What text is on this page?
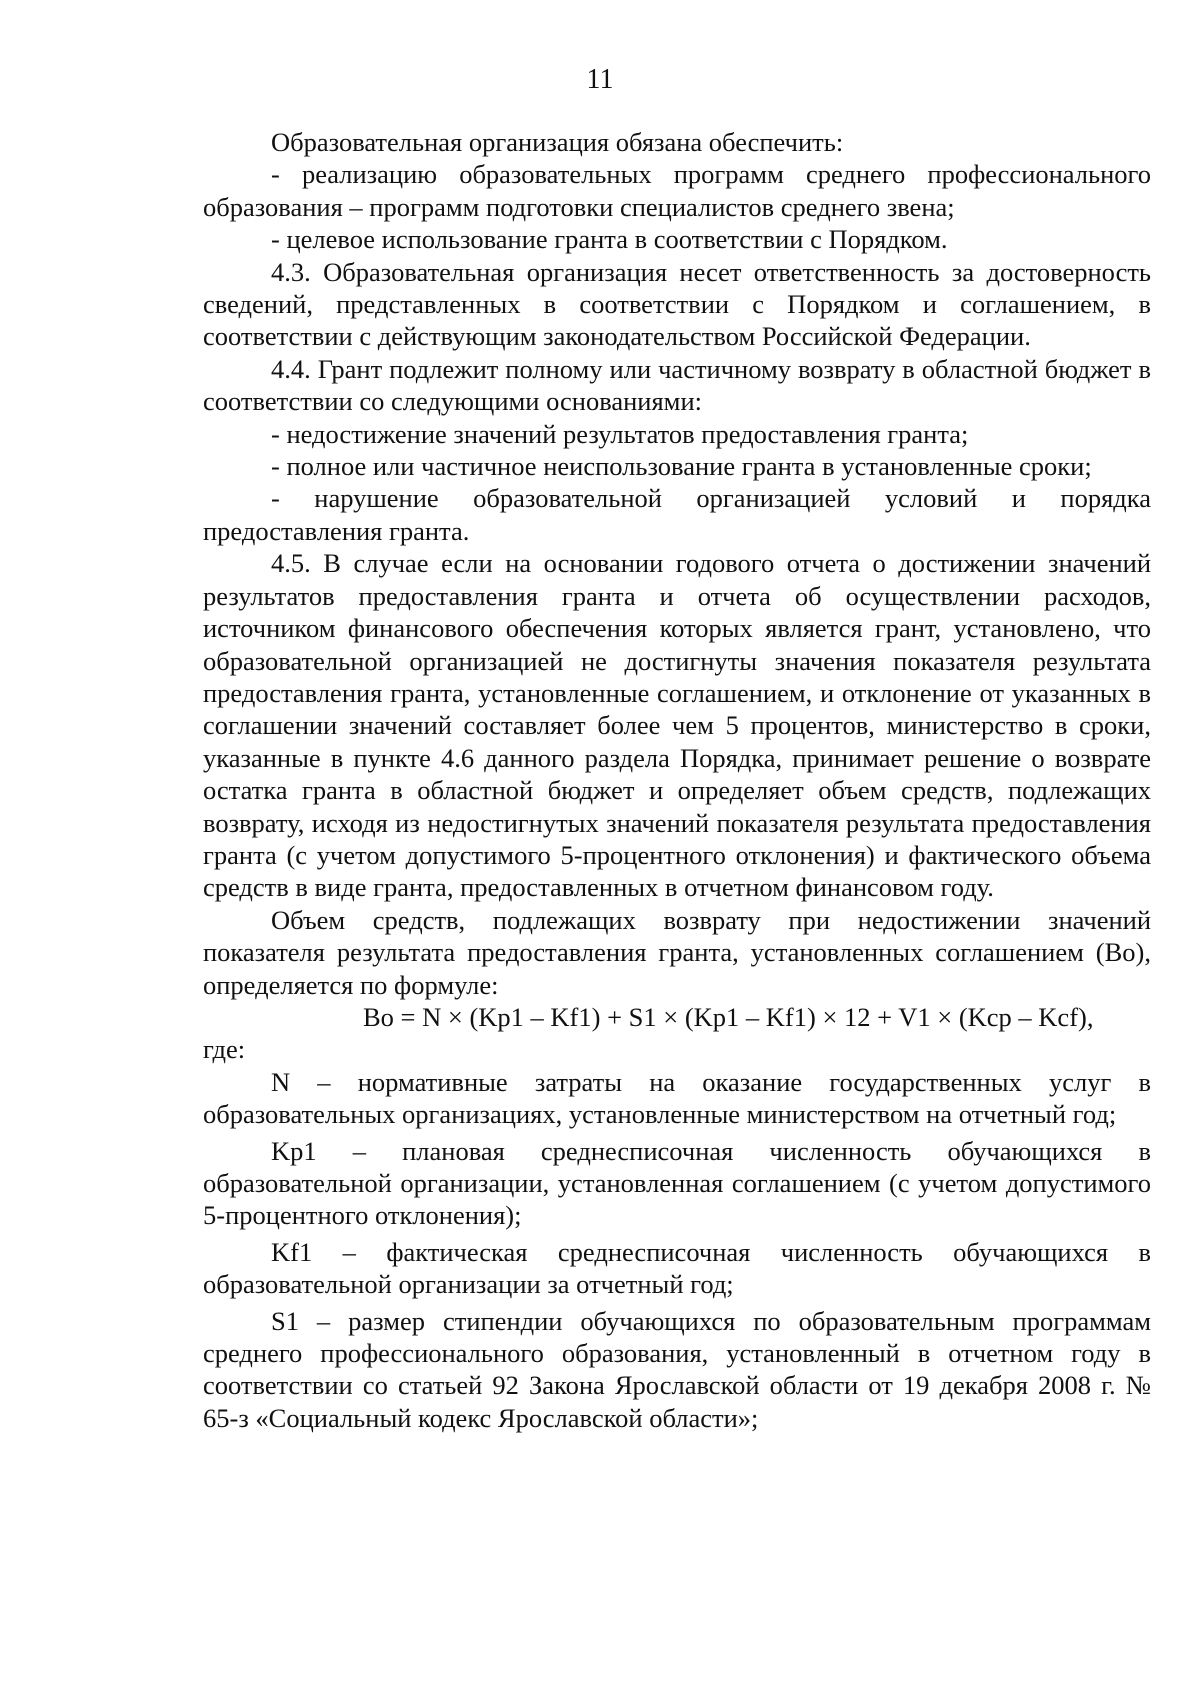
11

Образовательная организация обязана обеспечить:

- реализацию образовательных программ среднего профессионального образования – программ подготовки специалистов среднего звена;

- целевое использование гранта в соответствии с Порядком.

4.3. Образовательная организация несет ответственность за достоверность сведений, представленных в соответствии с Порядком и соглашением, в соответствии с действующим законодательством Российской Федерации.

4.4. Грант подлежит полному или частичному возврату в областной бюджет в соответствии со следующими основаниями:

- недостижение значений результатов предоставления гранта;

- полное или частичное неиспользование гранта в установленные сроки;

- нарушение образовательной организацией условий и порядка предоставления гранта.

4.5. В случае если на основании годового отчета о достижении значений результатов предоставления гранта и отчета об осуществлении расходов, источником финансового обеспечения которых является грант, установлено, что образовательной организацией не достигнуты значения показателя результата предоставления гранта, установленные соглашением, и отклонение от указанных в соглашении значений составляет более чем 5 процентов, министерство в сроки, указанные в пункте 4.6 данного раздела Порядка, принимает решение о возврате остатка гранта в областной бюджет и определяет объем средств, подлежащих возврату, исходя из недостигнутых значений показателя результата предоставления гранта (с учетом допустимого 5-процентного отклонения) и фактического объема средств в виде гранта, предоставленных в отчетном финансовом году.

Объем средств, подлежащих возврату при недостижении значений показателя результата предоставления гранта, установленных соглашением (Вo), определяется по формуле:

Вo = N × (Kp1 – Kf1) + S1 × (Kp1 – Kf1) × 12 + V1 × (Kcp – Kcf),

где:

N – нормативные затраты на оказание государственных услуг в образовательных организациях, установленные министерством на отчетный год;

Kp1 – плановая среднесписочная численность обучающихся в образовательной организации, установленная соглашением (с учетом допустимого 5-процентного отклонения);

Kf1 – фактическая среднесписочная численность обучающихся в образовательной организации за отчетный год;

S1 – размер стипендии обучающихся по образовательным программам среднего профессионального образования, установленный в отчетном году в соответствии со статьей 92 Закона Ярославской области от 19 декабря 2008 г. № 65-з «Социальный кодекс Ярославской области»;
